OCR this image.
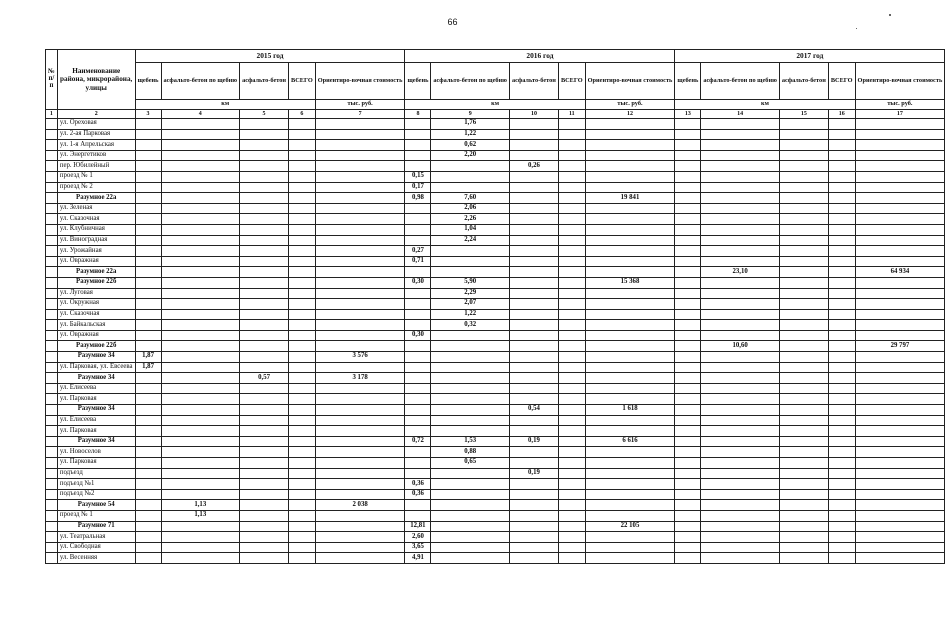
66
№
п/п	Наименование района, микрорайона, улицы	2015 год					2016 год					2017 год				
		щебень	асфальто-бетон по щебню	асфальто-бетон	ВСЕГО	Ориентиро-вочная стоимость	щебень	асфальто-бетон по щебню	асфальто-бетон	ВСЕГО	Ориентиро-вочная стоимость	щебень	асфальто-бетон по щебню	асфальто-бетон	ВСЕГО	Ориентиро-вочная стоимость
		км				тыс. руб.	км				тыс. руб.	км				тыс. руб.
1	2	3	4	5	6	7	8	9	10	11	12	13	14	15	16	17
	ул. Ореховая							1,76								
	ул. 2-ая Парковая							1,22								
	ул. 1-я Апрельская							0,62								
	ул. Энергетиков							2,20								
	пер. Юбилейный								0,26							
	проезд № 1						0,15									
	проезд № 2						0,17									
	Разумное 22а						0,98	7,60			19 841					
	ул. Зеленая							2,06								
	ул. Сказочная							2,26								
	ул. Клубничная							1,04								
	ул. Виноградная							2,24								
	ул. Урожайная						0,27									
	ул. Овражная						0,71									
	Разумное 22а												23,10			64 934
	Разумное 22б						0,30	5,90			15 368					
	ул. Луговая							2,29								
	ул. Окружная							2,07								
	ул. Сказочная							1,22								
	ул. Байкальская							0,32								
	ул. Овражная						0,30									
	Разумное 22б												10,60			29 797
	Разумное 34	1,87				3 576										
	ул. Парковая, ул. Евсеева	1,87														
	Разумное 34			0,57		3 178										
	ул. Елисеева															
	ул. Парковая															
	Разумное 34								0,54		1 618					
	ул. Елисеева															
	ул. Парковая															
	Разумное 34						0,72	1,53	0,19		6 616					
	ул. Новоселов							0,88								
	ул. Парковая							0,65								
	подъезд								0,19							
	подъезд №1						0,36									
	подъезд №2						0,36									
	Разумное 54		1,13			2 038										
	проезд № 1		1,13													
	Разумное 71						12,81				22 105					
	ул. Театральная						2,60									
	ул. Свободная						3,65									
	ул. Весенняя						4,91									
